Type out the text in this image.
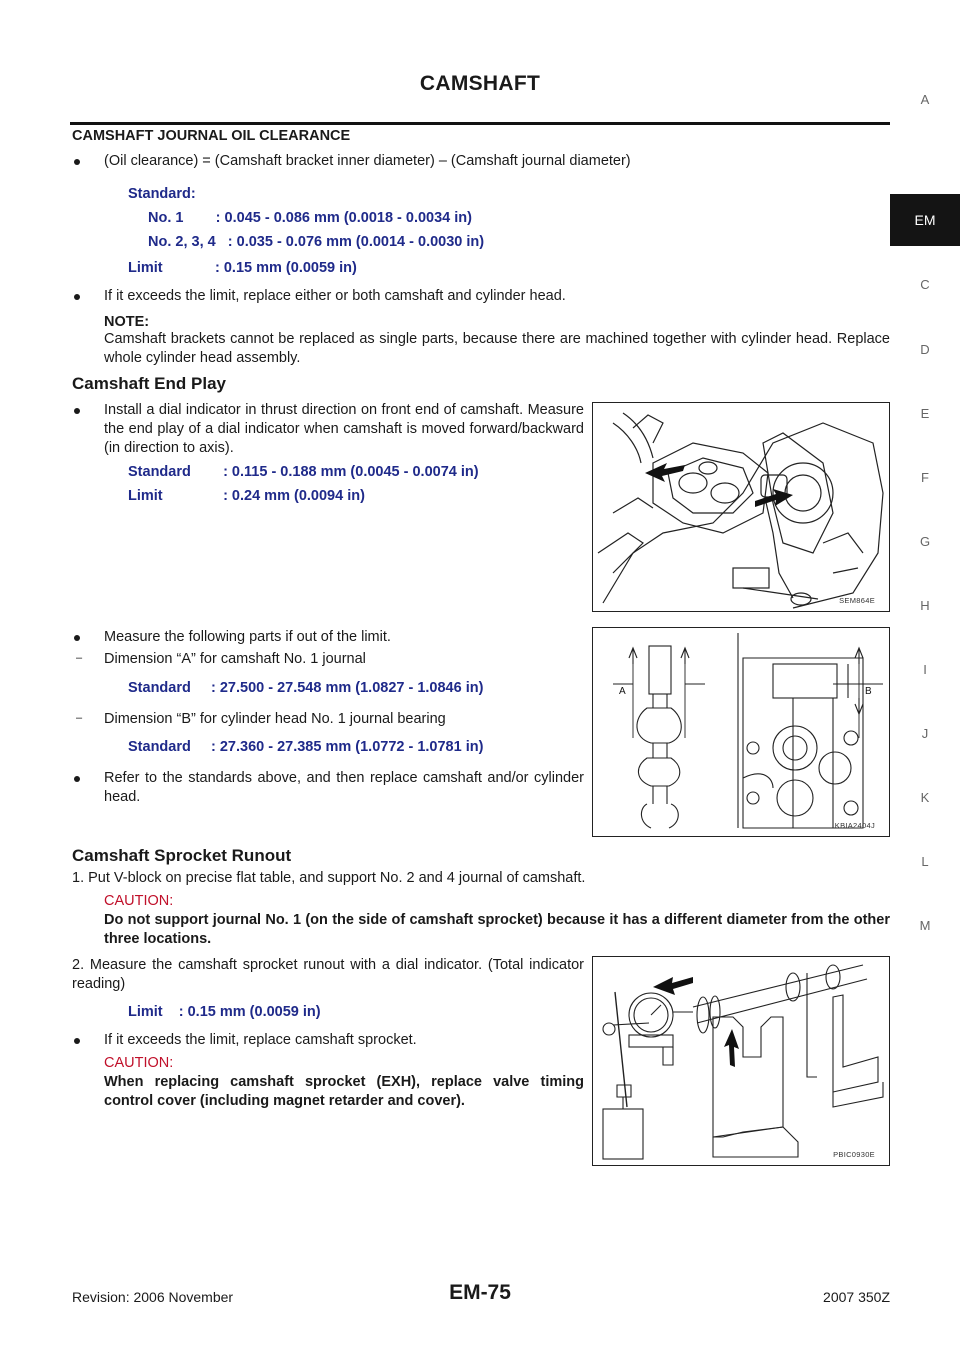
CAMSHAFT
A
EM
C
D
E
F
G
H
I
J
K
L
M
CAMSHAFT JOURNAL OIL CLEARANCE
(Oil clearance) = (Camshaft bracket inner diameter) – (Camshaft journal diameter)
Standard:
No. 1        : 0.045 - 0.086 mm (0.0018 - 0.0034 in)
No. 2, 3, 4   : 0.035 - 0.076 mm (0.0014 - 0.0030 in)
Limit             : 0.15 mm (0.0059 in)
If it exceeds the limit, replace either or both camshaft and cylinder head.
NOTE:
Camshaft brackets cannot be replaced as single parts, because there are machined together with cylinder head. Replace whole cylinder head assembly.
Camshaft End Play
Install a dial indicator in thrust direction on front end of camshaft. Measure the end play of a dial indicator when camshaft is moved forward/backward (in direction to axis).
Standard        : 0.115 - 0.188 mm (0.0045 - 0.0074 in)
Limit               : 0.24 mm (0.0094 in)
SEM864E
Measure the following parts if out of the limit.
– Dimension “A” for camshaft No. 1 journal
Standard     : 27.500 - 27.548 mm (1.0827 - 1.0846 in)
– Dimension “B” for cylinder head No. 1 journal bearing
Standard     : 27.360 - 27.385 mm (1.0772 - 1.0781 in)
Refer to the standards above, and then replace camshaft and/or cylinder head.
A	B
KBIA2404J
Camshaft Sprocket Runout
1. Put V-block on precise flat table, and support No. 2 and 4 journal of camshaft.
CAUTION:
Do not support journal No. 1 (on the side of camshaft sprocket) because it has a different diameter from the other three locations.
2. Measure the camshaft sprocket runout with a dial indicator. (Total indicator reading)
Limit    : 0.15 mm (0.0059 in)
If it exceeds the limit, replace camshaft sprocket.
CAUTION:
When replacing camshaft sprocket (EXH), replace valve timing control cover (including magnet retarder and cover).
PBIC0930E
Revision: 2006 November	EM-75	2007 350Z
